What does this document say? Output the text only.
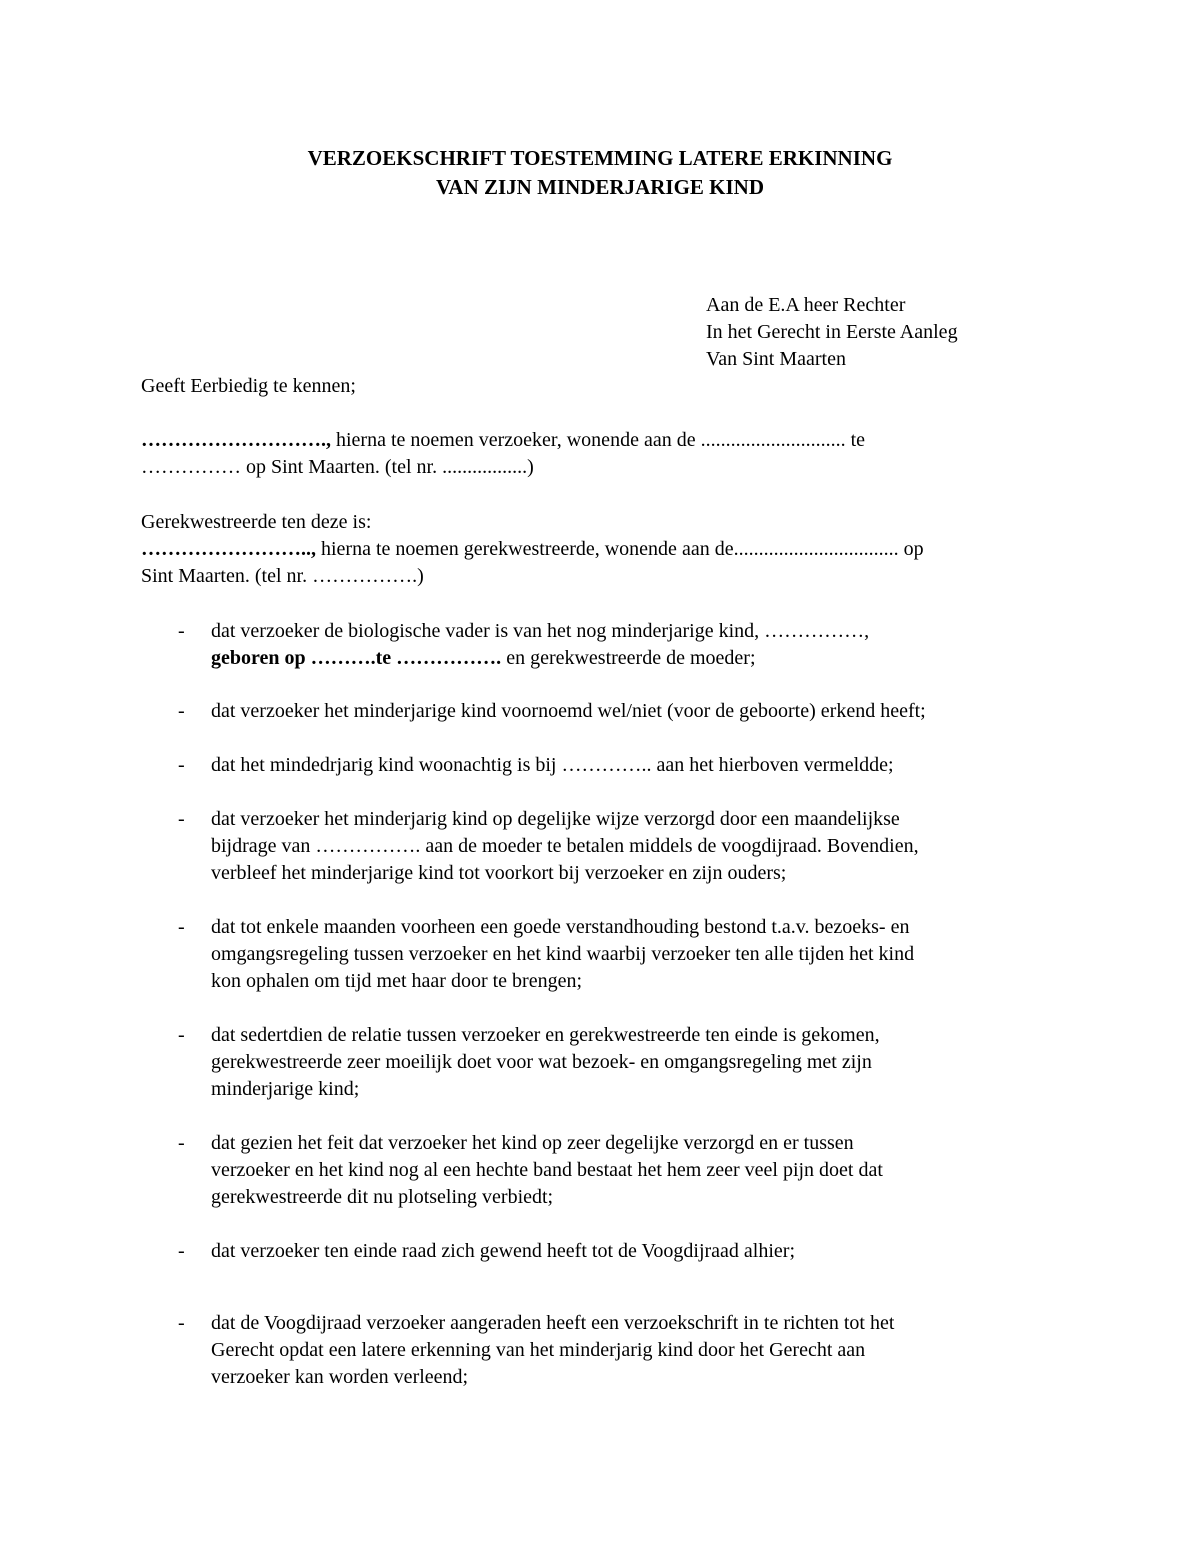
VERZOEKSCHRIFT TOESTEMMING LATERE ERKINNING
VAN ZIJN MINDERJARIGE KIND
Aan de E.A heer Rechter
In het Gerecht in Eerste Aanleg
Van Sint Maarten
Geeft Eerbiedig te kennen;
………………………., hierna te noemen verzoeker, wonende aan de ............................. te
…………… op Sint Maarten. (tel nr. .................)
Gerekwestreerde ten deze is:
…………………….., hierna te noemen gerekwestreerde, wonende aan de................................. op
Sint Maarten. (tel nr. …………….)
- dat verzoeker de biologische vader is van het nog minderjarige kind, ……………,
geboren op ……….te ……………. en gerekwestreerde de moeder;
- dat verzoeker het minderjarige kind voornoemd wel/niet (voor de geboorte) erkend heeft;
- dat het mindedrjarig kind woonachtig is bij ………….. aan het hierboven vermeldde;
- dat verzoeker het minderjarig kind op degelijke wijze verzorgd door een maandelijkse
bijdrage van ……………. aan de moeder te betalen middels de voogdijraad. Bovendien,
verbleef het minderjarige kind tot voorkort bij verzoeker en zijn ouders;
- dat tot enkele maanden voorheen een goede verstandhouding bestond t.a.v. bezoeks- en
omgangsregeling tussen verzoeker en het kind waarbij verzoeker ten alle tijden het kind
kon ophalen om tijd met haar door te brengen;
- dat sedertdien de relatie tussen verzoeker en gerekwestreerde ten einde is gekomen,
gerekwestreerde zeer moeilijk doet voor wat bezoek- en omgangsregeling met zijn
minderjarige kind;
- dat gezien het feit dat verzoeker het kind op zeer degelijke verzorgd en er tussen
verzoeker en het kind nog al een hechte band bestaat het hem zeer veel pijn doet dat
gerekwestreerde dit nu plotseling verbiedt;
- dat verzoeker ten einde raad zich gewend heeft tot de Voogdijraad alhier;
- dat de Voogdijraad verzoeker aangeraden heeft een verzoekschrift in te richten tot het
Gerecht opdat een latere erkenning van het minderjarig kind door het Gerecht aan
verzoeker kan worden verleend;
